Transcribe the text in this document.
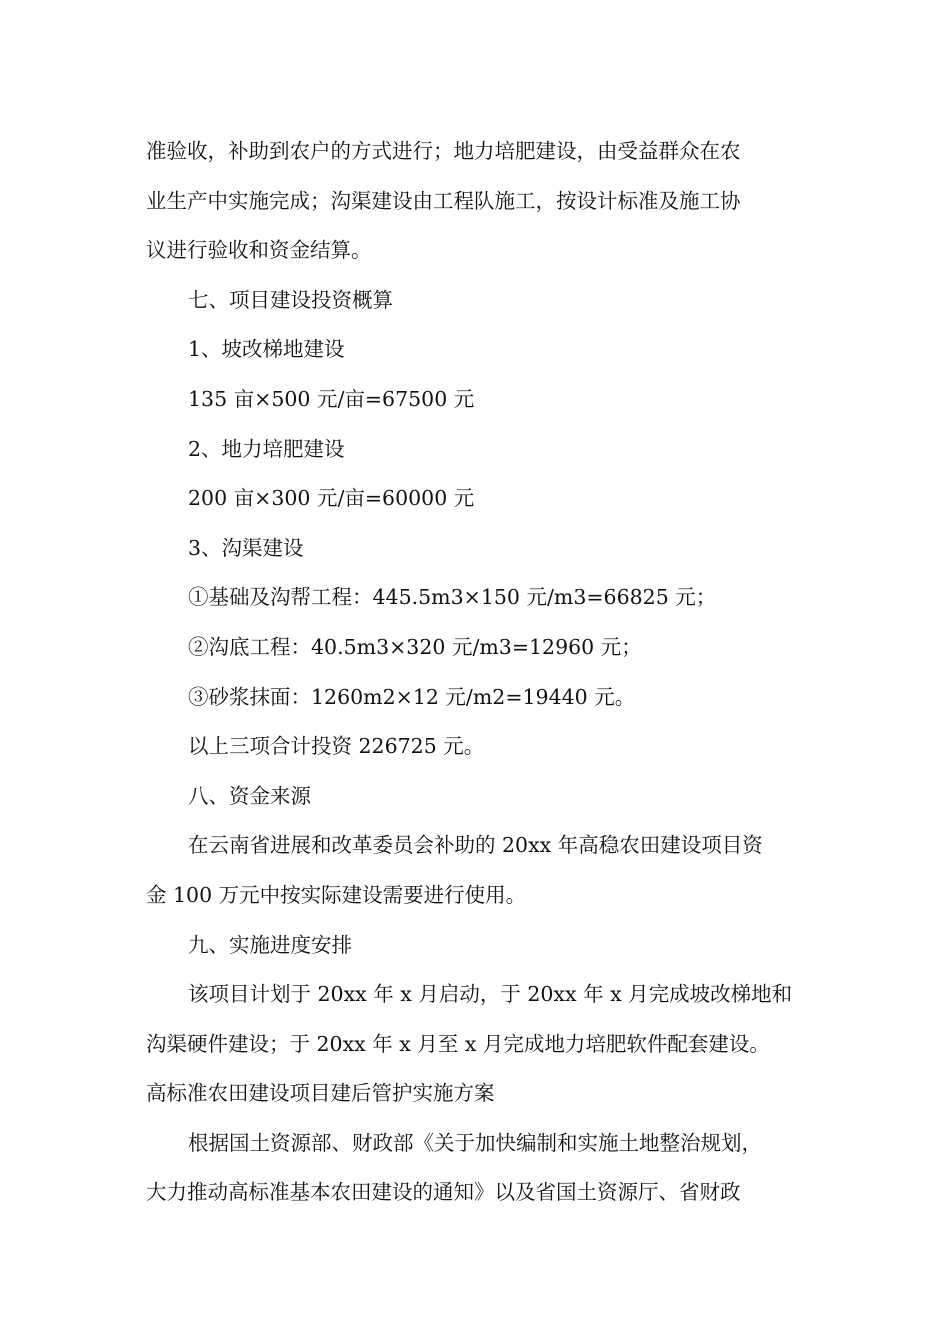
准验收，补助到农户的方式进行；地力培肥建设，由受益群众在农

业生产中实施完成；沟渠建设由工程队施工，按设计标准及施工协

议进行验收和资金结算。

七、项目建设投资概算

1、坡改梯地建设

135 亩×500 元/亩=67500 元

2、地力培肥建设

200 亩×300 元/亩=60000 元

3、沟渠建设

①基础及沟帮工程：445.5m3×150 元/m3=66825 元；

②沟底工程：40.5m3×320 元/m3=12960 元；

③砂浆抹面：1260m2×12 元/m2=19440 元。

以上三项合计投资 226725 元。

八、资金来源

在云南省进展和改革委员会补助的 20xx 年高稳农田建设项目资

金 100 万元中按实际建设需要进行使用。

九、实施进度安排

该项目计划于 20xx 年 x 月启动，于 20xx 年 x 月完成坡改梯地和

沟渠硬件建设；于 20xx 年 x 月至 x 月完成地力培肥软件配套建设。

高标准农田建设项目建后管护实施方案

根据国土资源部、财政部《关于加快编制和实施土地整治规划，

大力推动高标准基本农田建设的通知》以及省国土资源厅、省财政
